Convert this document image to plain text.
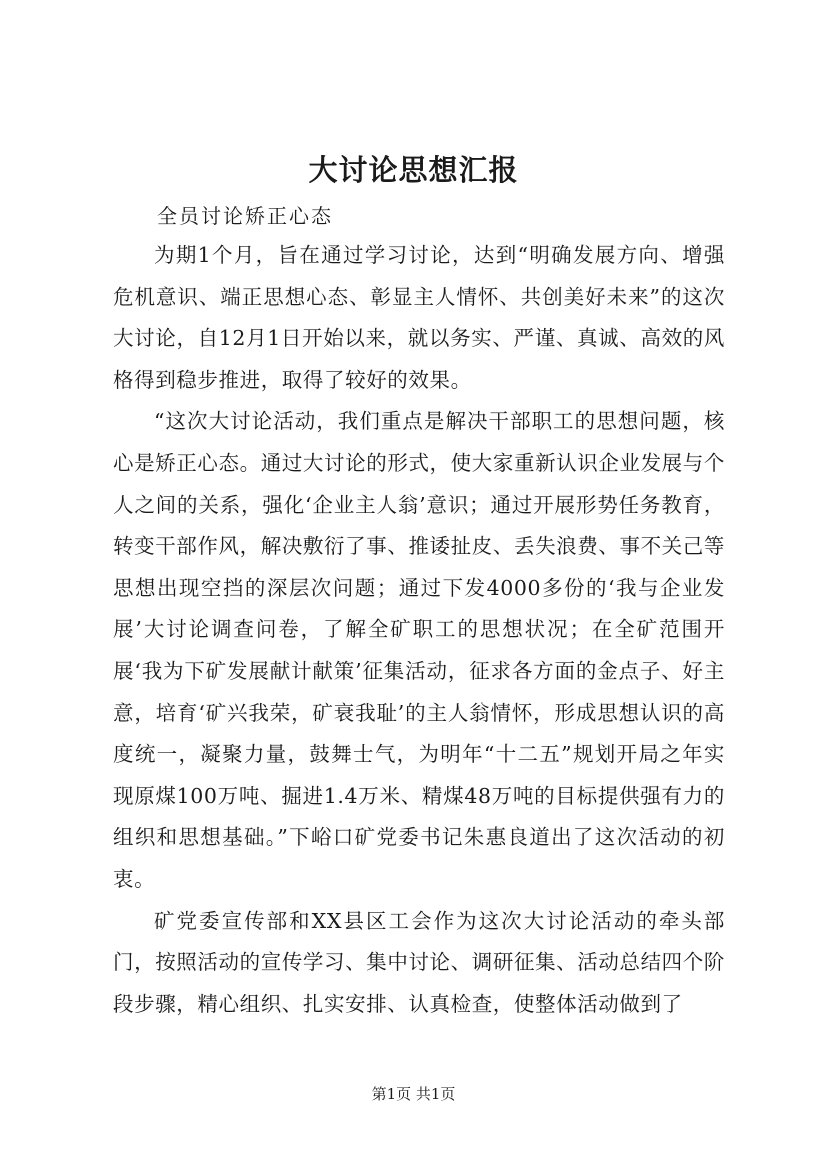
大讨论思想汇报

全员讨论矫正心态

为期1个月，旨在通过学习讨论，达到“明确发展方向、增强危机意识、端正思想心态、彰显主人情怀、共创美好未来”的这次大讨论，自12月1日开始以来，就以务实、严谨、真诚、高效的风格得到稳步推进，取得了较好的效果。

“这次大讨论活动，我们重点是解决干部职工的思想问题，核心是矫正心态。通过大讨论的形式，使大家重新认识企业发展与个人之间的关系，强化‘企业主人翁’意识；通过开展形势任务教育，转变干部作风，解决敷衍了事、推诿扯皮、丢失浪费、事不关己等思想出现空挡的深层次问题；通过下发4000多份的‘我与企业发展’大讨论调查问卷，了解全矿职工的思想状况；在全矿范围开展‘我为下矿发展献计献策’征集活动，征求各方面的金点子、好主意，培育‘矿兴我荣，矿衰我耻’的主人翁情怀，形成思想认识的高度统一，凝聚力量，鼓舞士气，为明年“十二五”规划开局之年实现原煤100万吨、掘进1.4万米、精煤48万吨的目标提供强有力的组织和思想基础。”下峪口矿党委书记朱惠良道出了这次活动的初衷。

矿党委宣传部和XX县区工会作为这次大讨论活动的牵头部门，按照活动的宣传学习、集中讨论、调研征集、活动总结四个阶段步骤，精心组织、扎实安排、认真检查，使整体活动做到了

第1页 共1页
